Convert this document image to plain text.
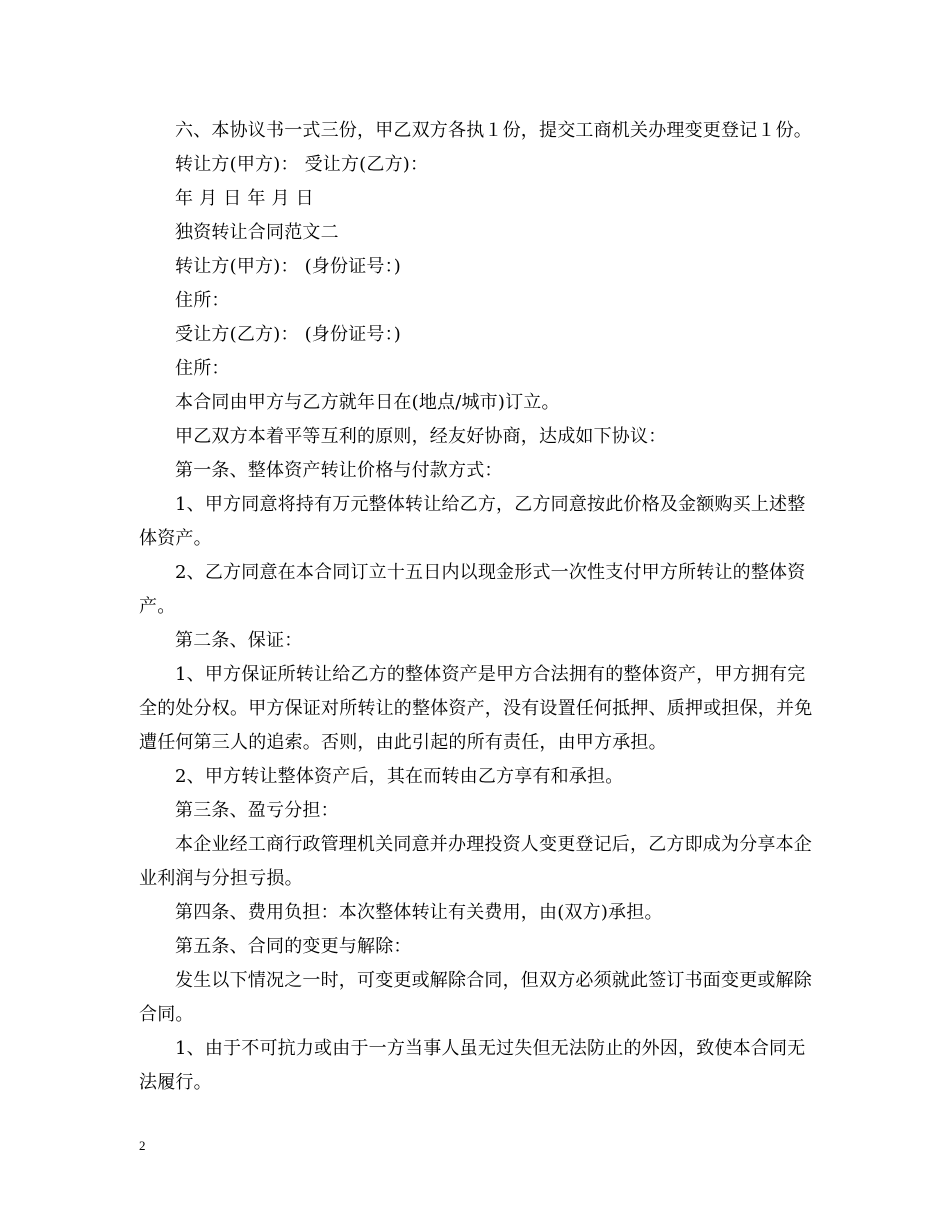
六、本协议书一式三份，甲乙双方各执１份，提交工商机关办理变更登记１份。

转让方(甲方)： 受让方(乙方)：

年 月 日 年 月 日

独资转让合同范文二

转让方(甲方)： (身份证号：)

住所：

受让方(乙方)： (身份证号：)

住所：

本合同由甲方与乙方就年日在(地点/城市)订立。

甲乙双方本着平等互利的原则，经友好协商，达成如下协议：

第一条、整体资产转让价格与付款方式：

1、甲方同意将持有万元整体转让给乙方，乙方同意按此价格及金额购买上述整体资产。

2、乙方同意在本合同订立十五日内以现金形式一次性支付甲方所转让的整体资产。

第二条、保证：

1、甲方保证所转让给乙方的整体资产是甲方合法拥有的整体资产，甲方拥有完全的处分权。甲方保证对所转让的整体资产，没有设置任何抵押、质押或担保，并免遭任何第三人的追索。否则，由此引起的所有责任，由甲方承担。

2、甲方转让整体资产后，其在而转由乙方享有和承担。

第三条、盈亏分担：

本企业经工商行政管理机关同意并办理投资人变更登记后，乙方即成为分享本企业利润与分担亏损。

第四条、费用负担：本次整体转让有关费用，由(双方)承担。

第五条、合同的变更与解除：

发生以下情况之一时，可变更或解除合同，但双方必须就此签订书面变更或解除合同。

1、由于不可抗力或由于一方当事人虽无过失但无法防止的外因，致使本合同无法履行。

2
